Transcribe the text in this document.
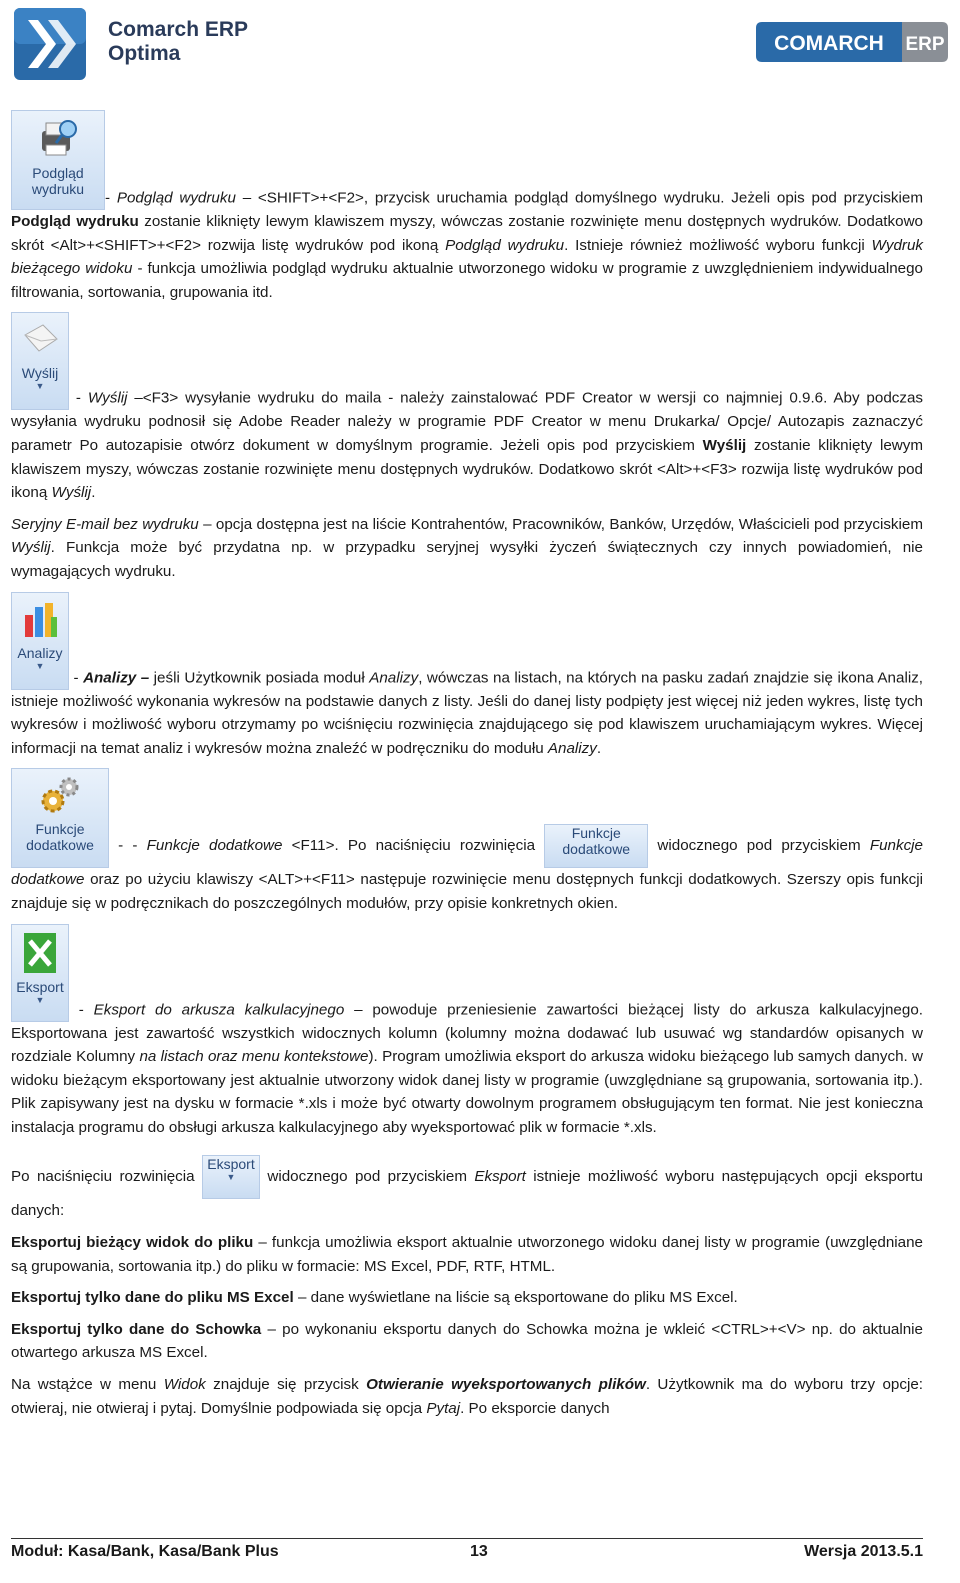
Comarch ERP
Optima	COMARCH ERP

Podgląd
wydruku
- Podgląd wydruku – <SHIFT>+<F2>, przycisk uruchamia podgląd domyślnego wydruku. Jeżeli opis pod przyciskiem Podgląd wydruku zostanie kliknięty lewym klawiszem myszy, wówczas zostanie rozwinięte menu dostępnych wydruków. Dodatkowo skrót <Alt>+<SHIFT>+<F2> rozwija listę wydruków pod ikoną Podgląd wydruku. Istnieje również możliwość wyboru funkcji Wydruk bieżącego widoku - funkcja umożliwia podgląd wydruku aktualnie utworzonego widoku w programie z uwzględnieniem indywidualnego filtrowania, sortowania, grupowania itd.

Wyślij
▼
- Wyślij –<F3> wysyłanie wydruku do maila - należy zainstalować PDF Creator w wersji co najmniej 0.9.6. Aby podczas wysyłania wydruku podnosił się Adobe Reader należy w programie PDF Creator w menu Drukarka/ Opcje/ Autozapis zaznaczyć parametr Po autozapisie otwórz dokument w domyślnym programie. Jeżeli opis pod przyciskiem Wyślij zostanie kliknięty lewym klawiszem myszy, wówczas zostanie rozwinięte menu dostępnych wydruków. Dodatkowo skrót <Alt>+<F3> rozwija listę wydruków pod ikoną Wyślij.

Seryjny E-mail bez wydruku – opcja dostępna jest na liście Kontrahentów, Pracowników, Banków, Urzędów, Właścicieli pod przyciskiem Wyślij. Funkcja może być przydatna np. w przypadku seryjnej wysyłki życzeń świątecznych czy innych powiadomień, nie wymagających wydruku.

Analizy
▼
- Analizy – jeśli Użytkownik posiada moduł Analizy, wówczas na listach, na których na pasku zadań znajdzie się ikona Analiz, istnieje możliwość wykonania wykresów na podstawie danych z listy. Jeśli do danej listy podpięty jest więcej niż jeden wykres, listę tych wykresów i możliwość wyboru otrzymamy po wciśnięciu rozwinięcia znajdującego się pod klawiszem uruchamiającym wykres. Więcej informacji na temat analiz i wykresów można znaleźć w podręczniku do modułu Analizy.

Funkcje
dodatkowe - - Funkcje dodatkowe <F11>. Po naciśnięciu rozwinięcia
Funkcje
dodatkowe	widocznego pod przyciskiem Funkcje dodatkowe oraz po użyciu klawiszy <ALT>+<F11> następuje rozwinięcie menu dostępnych funkcji dodatkowych. Szerszy opis funkcji znajduje się w podręcznikach do poszczególnych modułów, przy opisie konkretnych okien.

Eksport
▼
- Eksport do arkusza kalkulacyjnego – powoduje przeniesienie zawartości bieżącej listy do arkusza kalkulacyjnego. Eksportowana jest zawartość wszystkich widocznych kolumn (kolumny można dodawać lub usuwać wg standardów opisanych w rozdziale Kolumny na listach oraz menu kontekstowe). Program umożliwia eksport do arkusza widoku bieżącego lub samych danych. w widoku bieżącym eksportowany jest aktualnie utworzony widok danej listy w programie (uwzględniane są grupowania, sortowania itp.). Plik zapisywany jest na dysku w formacie *.xls i może być otwarty dowolnym programem obsługującym ten format. Nie jest konieczna instalacja programu do obsługi arkusza kalkulacyjnego aby wyeksportować plik w formacie *.xls.

Po naciśnięciu rozwinięcia
Eksport
▼	widocznego pod przyciskiem Eksport istnieje możliwość wyboru następujących opcji eksportu danych:

Eksportuj bieżący widok do pliku – funkcja umożliwia eksport aktualnie utworzonego widoku danej listy w programie (uwzględniane są grupowania, sortowania itp.) do pliku w formacie: MS Excel, PDF, RTF, HTML.

Eksportuj tylko dane do pliku MS Excel – dane wyświetlane na liście są eksportowane do pliku MS Excel.

Eksportuj tylko dane do Schowka – po wykonaniu eksportu danych do Schowka można je wkleić <CTRL>+<V> np. do aktualnie otwartego arkusza MS Excel.

Na wstążce w menu Widok znajduje się przycisk Otwieranie wyeksportowanych plików. Użytkownik ma do wyboru trzy opcje: otwieraj, nie otwieraj i pytaj. Domyślnie podpowiada się opcja Pytaj. Po eksporcie danych

Moduł: Kasa/Bank, Kasa/Bank Plus	13	Wersja 2013.5.1
